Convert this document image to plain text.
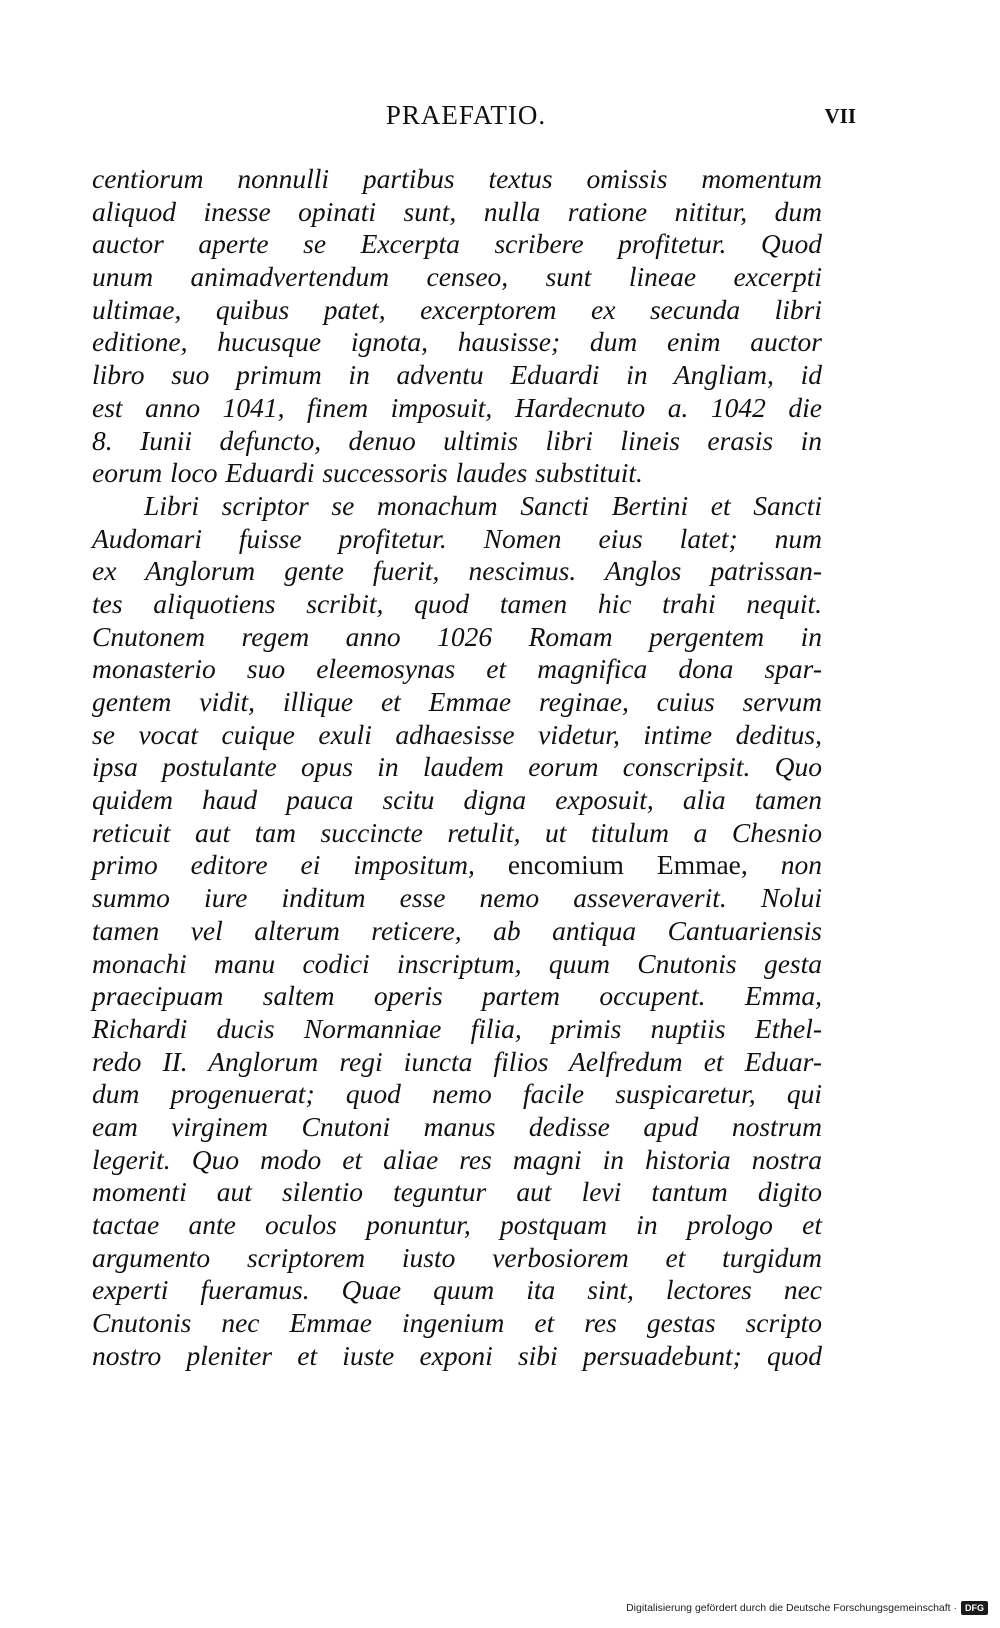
PRAEFATIO.	VII
centiorum nonnulli partibus textus omissis momentum
aliquod inesse opinati sunt, nulla ratione nititur, dum
auctor aperte se Excerpta scribere profitetur. Quod
unum animadvertendum censeo, sunt lineae excerpti
ultimae, quibus patet, excerptorem ex secunda libri
editione, hucusque ignota, hausisse; dum enim auctor
libro suo primum in adventu Eduardi in Angliam, id
est anno 1041, finem imposuit, Hardecnuto a. 1042 die
8. Iunii defuncto, denuo ultimis libri lineis erasis in
eorum loco Eduardi successoris laudes substituit.
Libri scriptor se monachum Sancti Bertini et Sancti
Audomari fuisse profitetur. Nomen eius latet; num
ex Anglorum gente fuerit, nescimus. Anglos patrissan-
tes aliquotiens scribit, quod tamen hic trahi nequit.
Cnutonem regem anno 1026 Romam pergentem in
monasterio suo eleemosynas et magnifica dona spar-
gentem vidit, illique et Emmae reginae, cuius servum
se vocat cuique exuli adhaesisse videtur, intime deditus,
ipsa postulante opus in laudem eorum conscripsit. Quo
quidem haud pauca scitu digna exposuit, alia tamen
reticuit aut tam succincte retulit, ut titulum a Chesnio
primo editore ei impositum, encomium Emmae, non
summo iure inditum esse nemo asseveraverit. Nolui
tamen vel alterum reticere, ab antiqua Cantuariensis
monachi manu codici inscriptum, quum Cnutonis gesta
praecipuam saltem operis partem occupent. Emma,
Richardi ducis Normanniae filia, primis nuptiis Ethel-
redo II. Anglorum regi iuncta filios Aelfredum et Eduar-
dum progenuerat; quod nemo facile suspicaretur, qui
eam virginem Cnutoni manus dedisse apud nostrum
legerit. Quo modo et aliae res magni in historia nostra
momenti aut silentio teguntur aut levi tantum digito
tactae ante oculos ponuntur, postquam in prologo et
argumento scriptorem iusto verbosiorem et turgidum
experti fueramus. Quae quum ita sint, lectores nec
Cnutonis nec Emmae ingenium et res gestas scripto
nostro pleniter et iuste exponi sibi persuadebunt; quod
Digitalisierung gefördert durch die Deutsche Forschungsgemeinschaft · DFG
